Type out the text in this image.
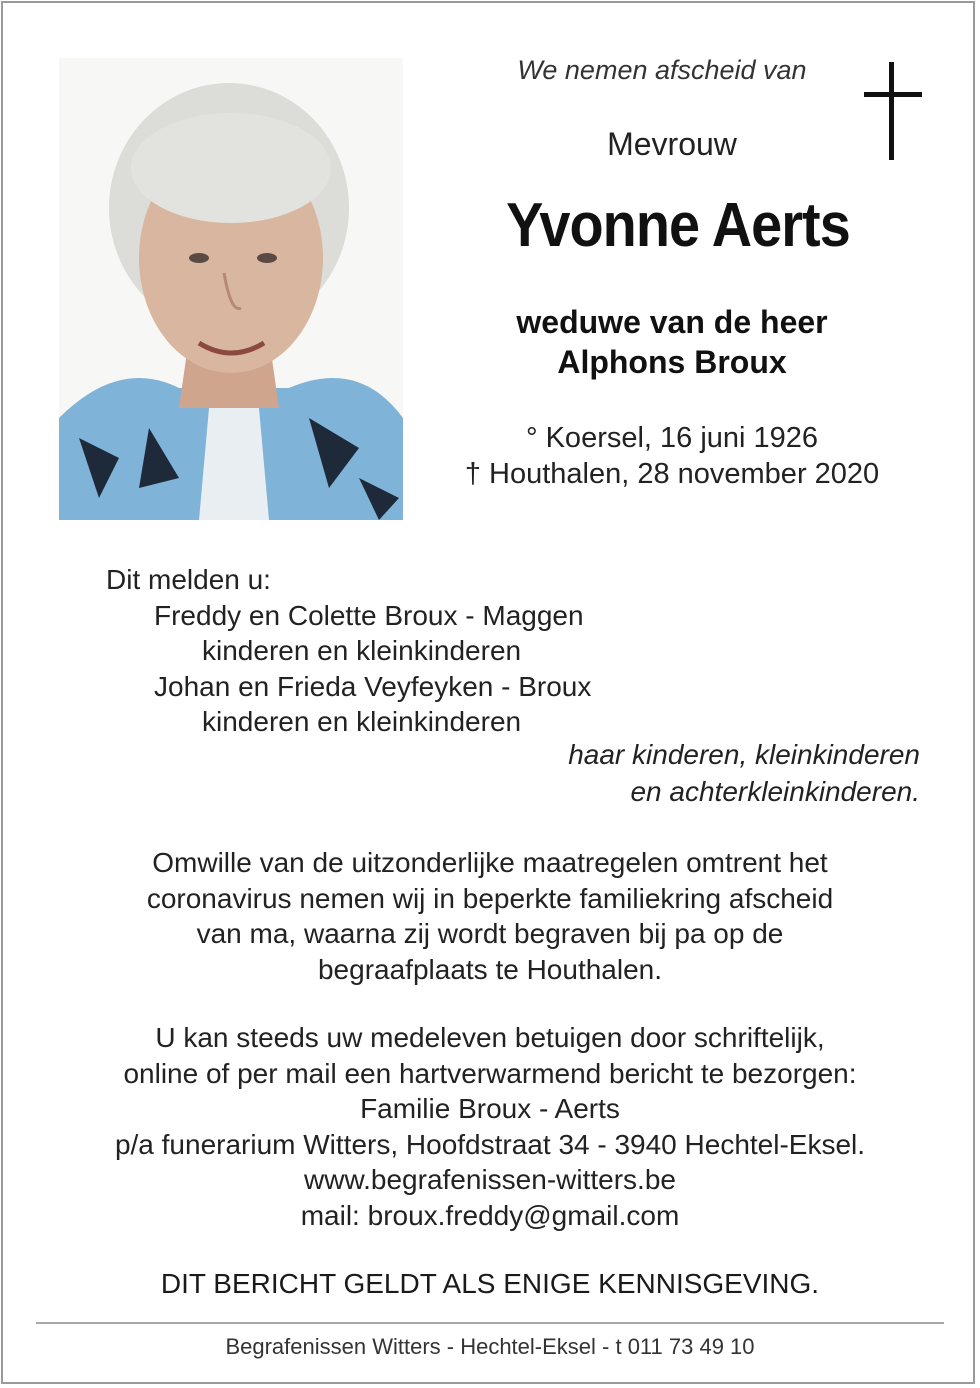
We nemen afscheid van
Mevrouw
Yvonne Aerts
weduwe van de heer
Alphons Broux
° Koersel, 16 juni 1926
† Houthalen, 28 november 2020
Dit melden u:
Freddy en Colette Broux - Maggen
kinderen en kleinkinderen
Johan en Frieda Veyfeyken - Broux
kinderen en kleinkinderen
haar kinderen, kleinkinderen
en achterkleinkinderen.
Omwille van de uitzonderlijke maatregelen omtrent het
coronavirus nemen wij in beperkte familiekring afscheid
van ma, waarna zij wordt begraven bij pa op de
begraafplaats te Houthalen.
U kan steeds uw medeleven betuigen door schriftelijk,
online of per mail een hartverwarmend bericht te bezorgen:
Familie Broux - Aerts
p/a funerarium Witters, Hoofdstraat 34 - 3940 Hechtel-Eksel.
www.begrafenissen-witters.be
mail: broux.freddy@gmail.com
DIT BERICHT GELDT ALS ENIGE KENNISGEVING.
Begrafenissen Witters - Hechtel-Eksel - t 011 73 49 10
